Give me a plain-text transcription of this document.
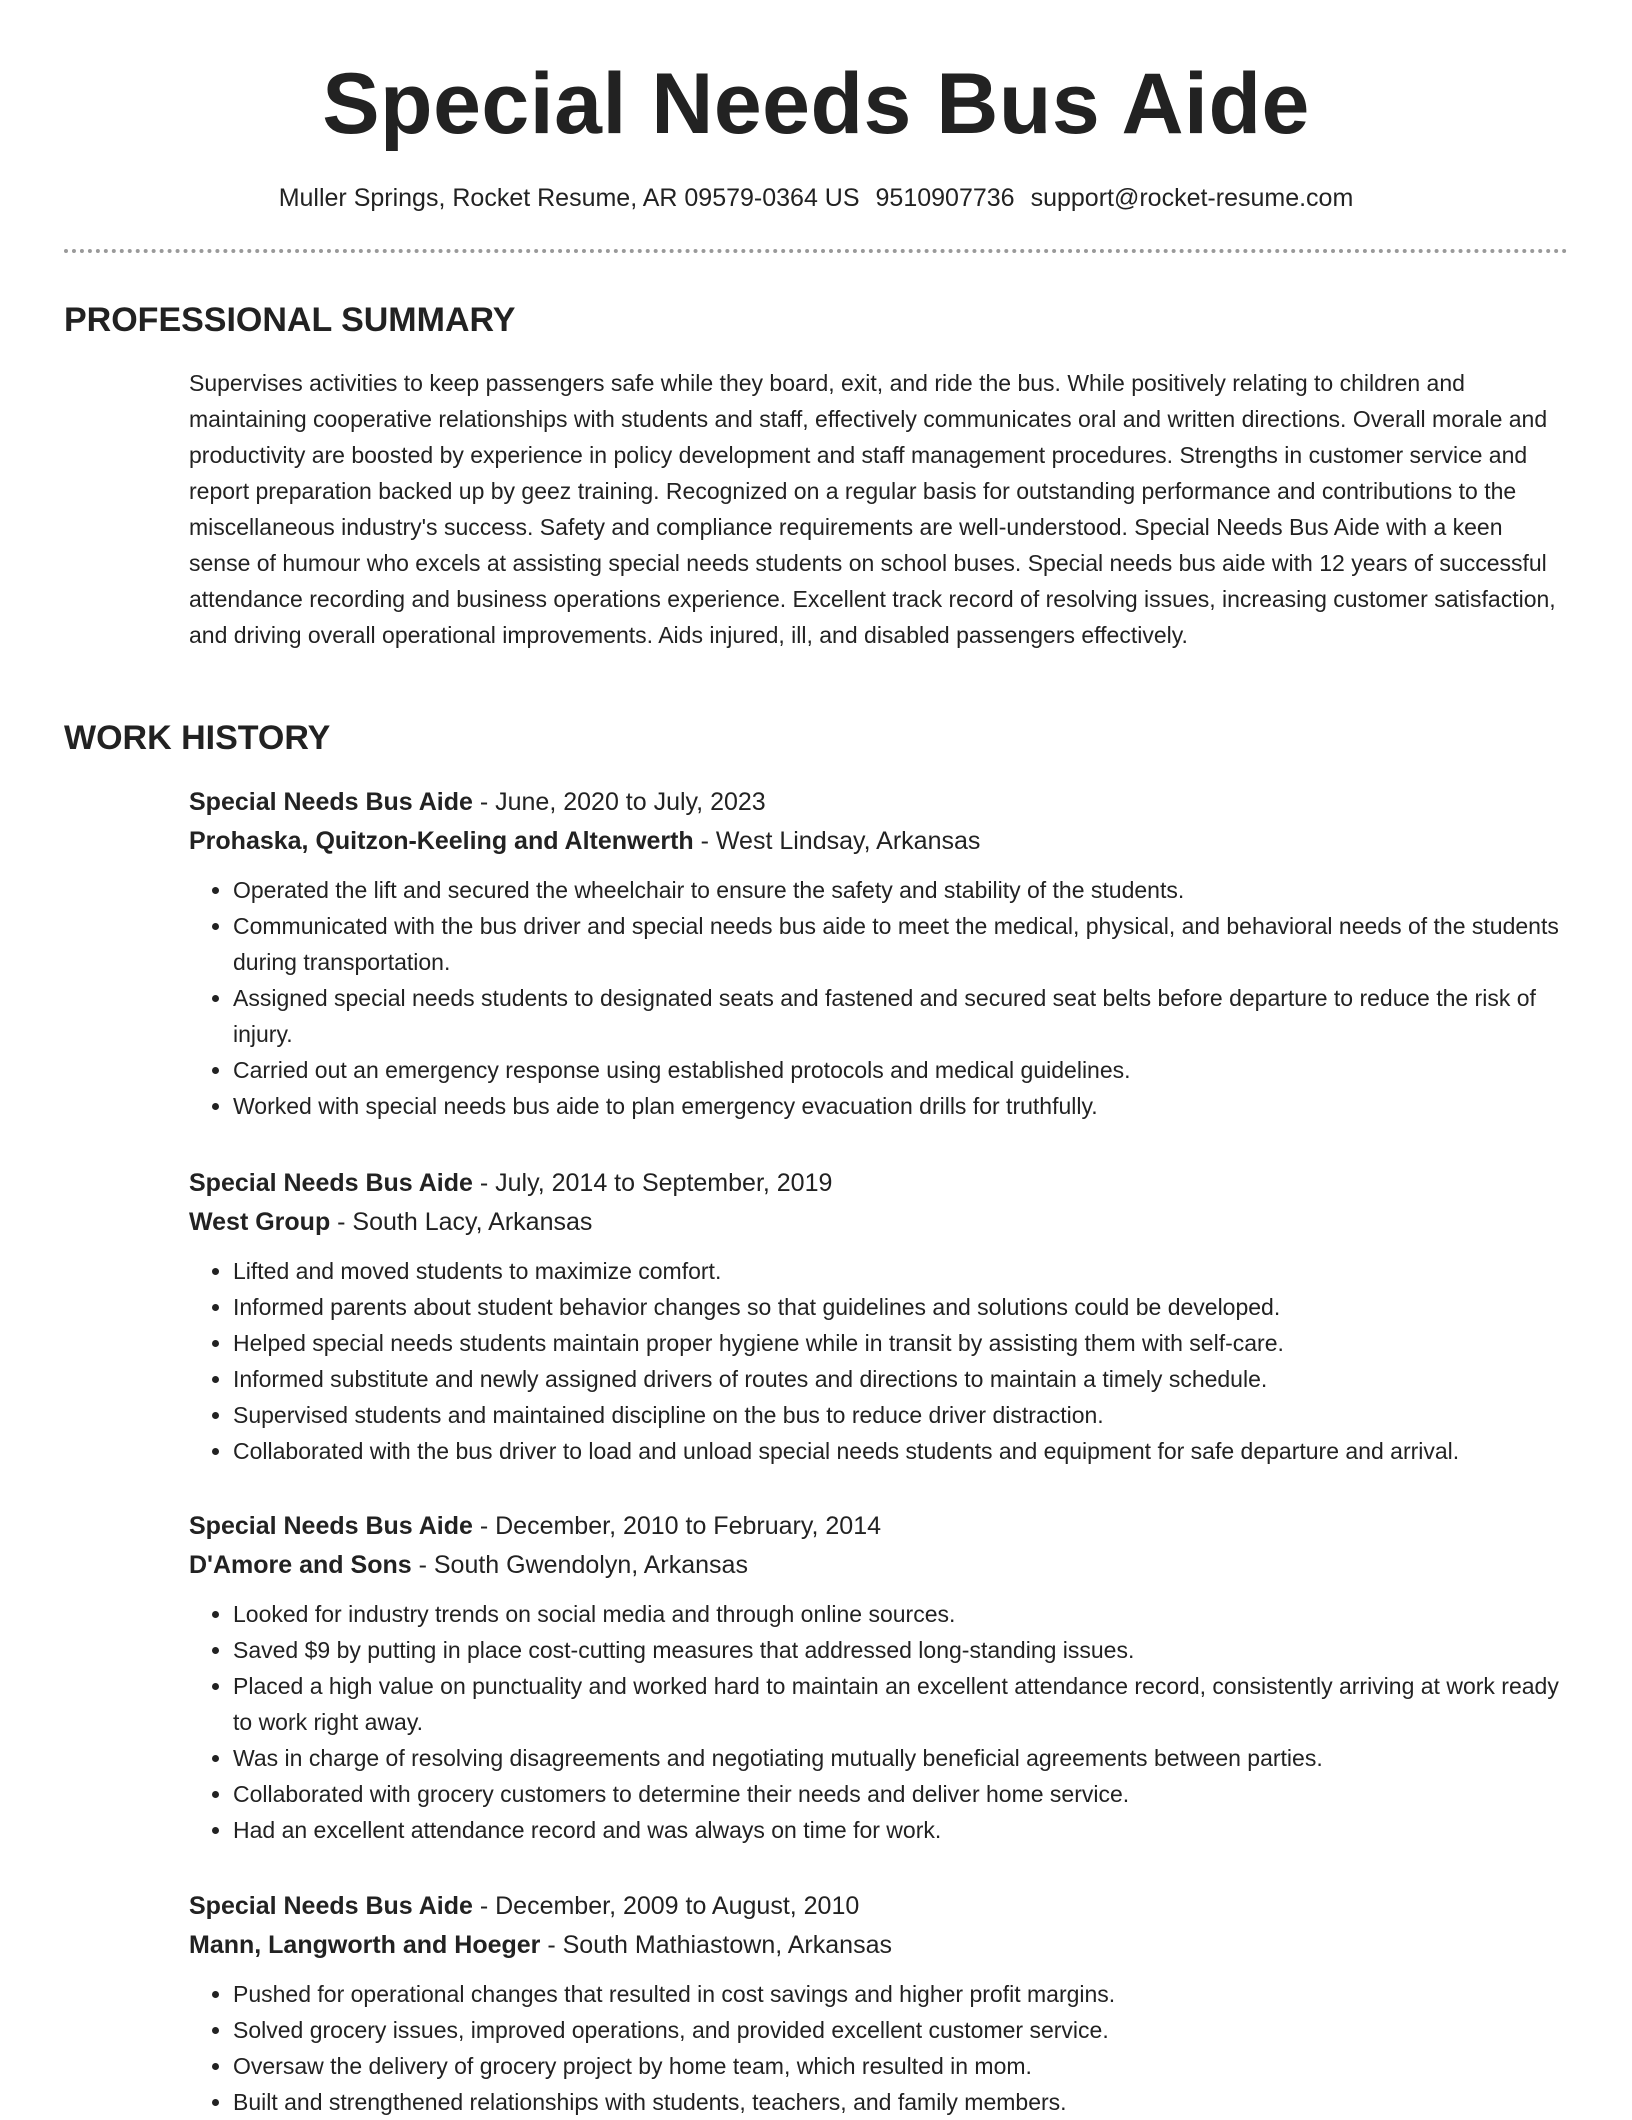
Special Needs Bus Aide
Muller Springs, Rocket Resume, AR 09579-0364 US 9510907736 support@rocket-resume.com
PROFESSIONAL SUMMARY

Supervises activities to keep passengers safe while they board, exit, and ride the bus. While positively relating to children and maintaining cooperative relationships with students and staff, effectively communicates oral and written directions. Overall morale and productivity are boosted by experience in policy development and staff management procedures. Strengths in customer service and report preparation backed up by geez training. Recognized on a regular basis for outstanding performance and contributions to the miscellaneous industry's success. Safety and compliance requirements are well-understood. Special Needs Bus Aide with a keen sense of humour who excels at assisting special needs students on school buses. Special needs bus aide with 12 years of successful attendance recording and business operations experience. Excellent track record of resolving issues, increasing customer satisfaction, and driving overall operational improvements. Aids injured, ill, and disabled passengers effectively.

WORK HISTORY
Special Needs Bus Aide - June, 2020 to July, 2023
Prohaska, Quitzon-Keeling and Altenwerth - West Lindsay, Arkansas
• Operated the lift and secured the wheelchair to ensure the safety and stability of the students.
• Communicated with the bus driver and special needs bus aide to meet the medical, physical, and behavioral needs of the students during transportation.
• Assigned special needs students to designated seats and fastened and secured seat belts before departure to reduce the risk of injury.
• Carried out an emergency response using established protocols and medical guidelines.
• Worked with special needs bus aide to plan emergency evacuation drills for truthfully.
Special Needs Bus Aide - July, 2014 to September, 2019
West Group - South Lacy, Arkansas
• Lifted and moved students to maximize comfort.
• Informed parents about student behavior changes so that guidelines and solutions could be developed.
• Helped special needs students maintain proper hygiene while in transit by assisting them with self-care.
• Informed substitute and newly assigned drivers of routes and directions to maintain a timely schedule.
• Supervised students and maintained discipline on the bus to reduce driver distraction.
• Collaborated with the bus driver to load and unload special needs students and equipment for safe departure and arrival.
Special Needs Bus Aide - December, 2010 to February, 2014
D'Amore and Sons - South Gwendolyn, Arkansas
• Looked for industry trends on social media and through online sources.
• Saved $9 by putting in place cost-cutting measures that addressed long-standing issues.
• Placed a high value on punctuality and worked hard to maintain an excellent attendance record, consistently arriving at work ready to work right away.
• Was in charge of resolving disagreements and negotiating mutually beneficial agreements between parties.
• Collaborated with grocery customers to determine their needs and deliver home service.
• Had an excellent attendance record and was always on time for work.
Special Needs Bus Aide - December, 2009 to August, 2010
Mann, Langworth and Hoeger - South Mathiastown, Arkansas
• Pushed for operational changes that resulted in cost savings and higher profit margins.
• Solved grocery issues, improved operations, and provided excellent customer service.
• Oversaw the delivery of grocery project by home team, which resulted in mom.
• Built and strengthened relationships with students, teachers, and family members.
